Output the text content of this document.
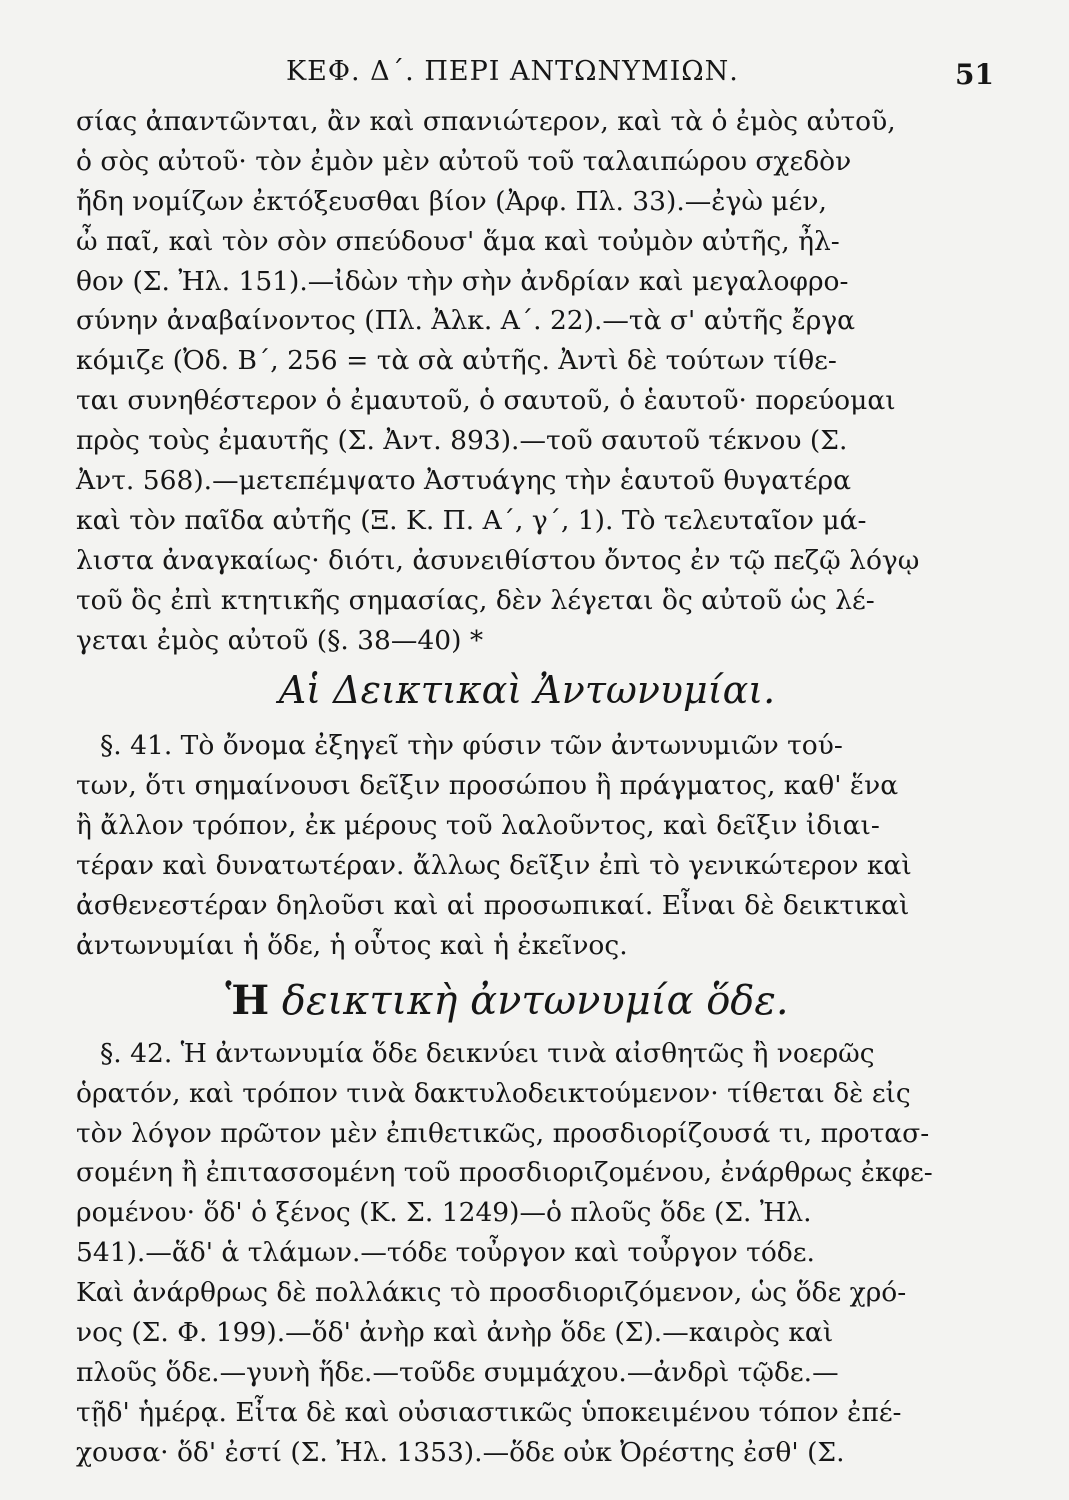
ΚΕΦ. Δ΄. ΠΕΡΙ ΑΝΤΩΝΥΜΙΩΝ.	51
σίας ἀπαντῶνται, ἂν καὶ σπανιώτερον, καὶ τὰ ὁ ἐμὸς αὐτοῦ,
ὁ σὸς αὐτοῦ· τὸν ἐμὸν μὲν αὐτοῦ τοῦ ταλαιπώρου σχεδὸν
ἤδη νομίζων ἐκτόξευσθαι βίον (Ἀρφ. Πλ. 33).—ἐγὼ μέν,
ὦ παῖ, καὶ τὸν σὸν σπεύδουσ' ἅμα καὶ τοὐμὸν αὐτῆς, ἦλ-
θον (Σ. Ἠλ. 151).—ἰδὼν τὴν σὴν ἀνδρίαν καὶ μεγαλοφρο-
σύνην ἀναβαίνοντος (Πλ. Ἀλκ. Α΄. 22).—τὰ σ' αὐτῆς ἔργα
κόμιζε (Ὀδ. Β΄, 256 = τὰ σὰ αὐτῆς. Ἀντὶ δὲ τούτων τίθε-
ται συνηθέστερον ὁ ἐμαυτοῦ, ὁ σαυτοῦ, ὁ ἑαυτοῦ· πορεύομαι
πρὸς τοὺς ἐμαυτῆς (Σ. Ἀντ. 893).—τοῦ σαυτοῦ τέκνου (Σ.
Ἀντ. 568).—μετεπέμψατο Ἀστυάγης τὴν ἑαυτοῦ θυγατέρα
καὶ τὸν παῖδα αὐτῆς (Ξ. Κ. Π. Α΄, γ΄, 1). Τὸ τελευταῖον μά-
λιστα ἀναγκαίως· διότι, ἀσυνειθίστου ὄντος ἐν τῷ πεζῷ λόγῳ
τοῦ ὃς ἐπὶ κτητικῆς σημασίας, δὲν λέγεται ὃς αὐτοῦ ὡς λέ-
γεται ἐμὸς αὐτοῦ (§. 38—40) *
Αἱ Δεικτικαὶ Ἀντωνυμίαι.
§. 41. Τὸ ὄνομα ἐξηγεῖ τὴν φύσιν τῶν ἀντωνυμιῶν τού-
των, ὅτι σημαίνουσι δεῖξιν προσώπου ἢ πράγματος, καθ' ἕνα
ἢ ἄλλον τρόπον, ἐκ μέρους τοῦ λαλοῦντος, καὶ δεῖξιν ἰδιαι-
τέραν καὶ δυνατωτέραν. ἄλλως δεῖξιν ἐπὶ τὸ γενικώτερον καὶ
ἀσθενεστέραν δηλοῦσι καὶ αἱ προσωπικαί. Εἶναι δὲ δεικτικαὶ
ἀντωνυμίαι ἡ ὅδε, ἡ οὗτος καὶ ἡ ἐκεῖνος.
Ἡ δεικτικὴ ἀντωνυμία ὅδε.
§. 42. Ἡ ἀντωνυμία ὅδε δεικνύει τινὰ αἰσθητῶς ἢ νοερῶς
ὁρατόν, καὶ τρόπον τινὰ δακτυλοδεικτούμενον· τίθεται δὲ εἰς
τὸν λόγον πρῶτον μὲν ἐπιθετικῶς, προσδιορίζουσά τι, προτασ-
σομένη ἢ ἐπιτασσομένη τοῦ προσδιοριζομένου, ἐνάρθρως ἐκφε-
ρομένου· ὅδ' ὁ ξένος (Κ. Σ. 1249)—ὁ πλοῦς ὅδε (Σ. Ἠλ.
541).—ἅδ' ἁ τλάμων.—τόδε τοὖργον καὶ τοὖργον τόδε.
Καὶ ἀνάρθρως δὲ πολλάκις τὸ προσδιοριζόμενον, ὡς ὅδε χρό-
νος (Σ. Φ. 199).—ὅδ' ἀνὴρ καὶ ἀνὴρ ὅδε (Σ).—καιρὸς καὶ
πλοῦς ὅδε.—γυνὴ ἥδε.—τοῦδε συμμάχου.—ἀνδρὶ τῷδε.—
τῇδ' ἡμέρᾳ. Εἶτα δὲ καὶ οὐσιαστικῶς ὑποκειμένου τόπον ἐπέ-
χουσα· ὅδ' ἐστί (Σ. Ἠλ. 1353).—ὅδε οὐκ Ὀρέστης ἐσθ' (Σ.
